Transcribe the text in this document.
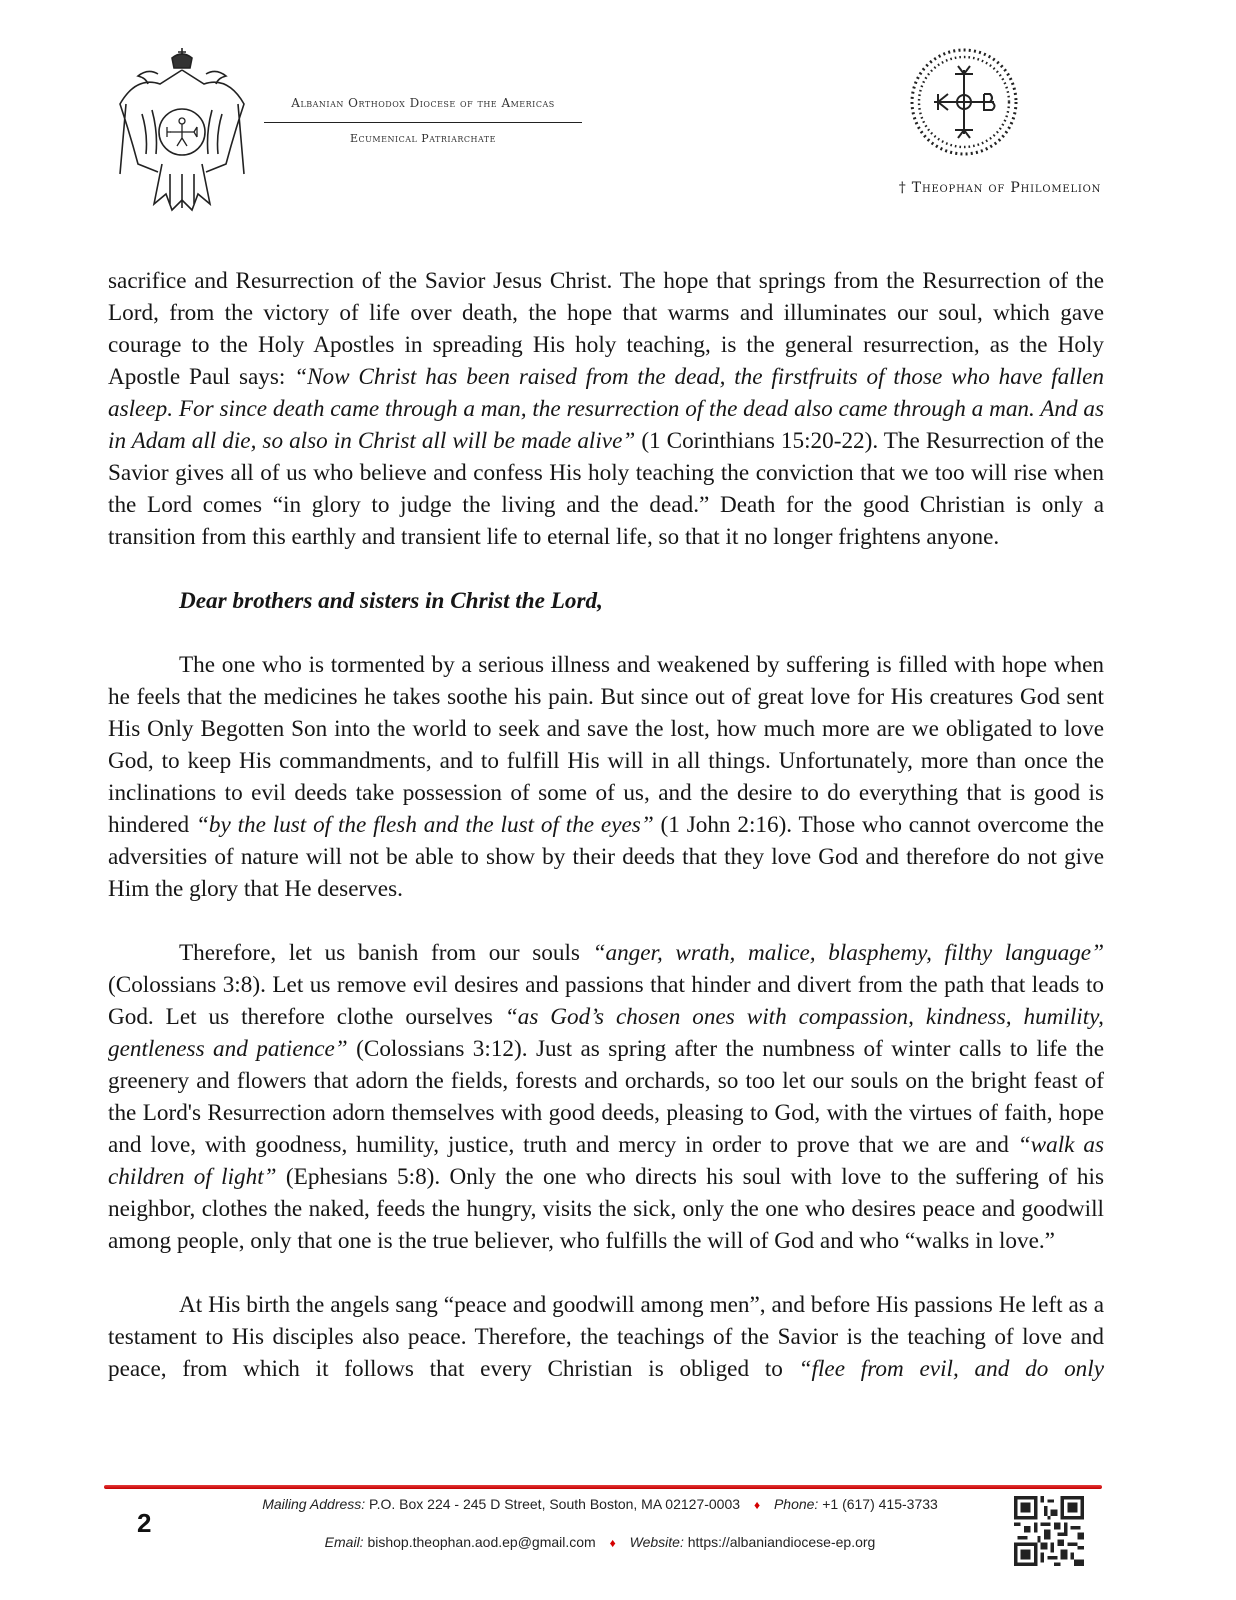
Albanian Orthodox Diocese of the Americas
Ecumenical Patriarchate
† Theophan of Philomelion

sacrifice and Resurrection of the Savior Jesus Christ. The hope that springs from the Resurrection of the Lord, from the victory of life over death, the hope that warms and illuminates our soul, which gave courage to the Holy Apostles in spreading His holy teaching, is the general resurrection, as the Holy Apostle Paul says: “Now Christ has been raised from the dead, the firstfruits of those who have fallen asleep. For since death came through a man, the resurrection of the dead also came through a man. And as in Adam all die, so also in Christ all will be made alive” (1 Corinthians 15:20-22). The Resurrection of the Savior gives all of us who believe and confess His holy teaching the conviction that we too will rise when the Lord comes “in glory to judge the living and the dead.” Death for the good Christian is only a transition from this earthly and transient life to eternal life, so that it no longer frightens anyone.

Dear brothers and sisters in Christ the Lord,

The one who is tormented by a serious illness and weakened by suffering is filled with hope when he feels that the medicines he takes soothe his pain. But since out of great love for His creatures God sent His Only Begotten Son into the world to seek and save the lost, how much more are we obligated to love God, to keep His commandments, and to fulfill His will in all things. Unfortunately, more than once the inclinations to evil deeds take possession of some of us, and the desire to do everything that is good is hindered “by the lust of the flesh and the lust of the eyes” (1 John 2:16). Those who cannot overcome the adversities of nature will not be able to show by their deeds that they love God and therefore do not give Him the glory that He deserves.

Therefore, let us banish from our souls “anger, wrath, malice, blasphemy, filthy language” (Colossians 3:8). Let us remove evil desires and passions that hinder and divert from the path that leads to God. Let us therefore clothe ourselves “as God’s chosen ones with compassion, kindness, humility, gentleness and patience” (Colossians 3:12). Just as spring after the numbness of winter calls to life the greenery and flowers that adorn the fields, forests and orchards, so too let our souls on the bright feast of the Lord's Resurrection adorn themselves with good deeds, pleasing to God, with the virtues of faith, hope and love, with goodness, humility, justice, truth and mercy in order to prove that we are and “walk as children of light” (Ephesians 5:8). Only the one who directs his soul with love to the suffering of his neighbor, clothes the naked, feeds the hungry, visits the sick, only the one who desires peace and goodwill among people, only that one is the true believer, who fulfills the will of God and who “walks in love.”

At His birth the angels sang “peace and goodwill among men”, and before His passions He left as a testament to His disciples also peace. Therefore, the teachings of the Savior is the teaching of love and peace, from which it follows that every Christian is obliged to “flee from evil, and do only

2
Mailing Address: P.O. Box 224 - 245 D Street, South Boston, MA 02127-0003 ♦ Phone: +1 (617) 415-3733
Email: bishop.theophan.aod.ep@gmail.com ♦ Website: https://albaniandiocese-ep.org
